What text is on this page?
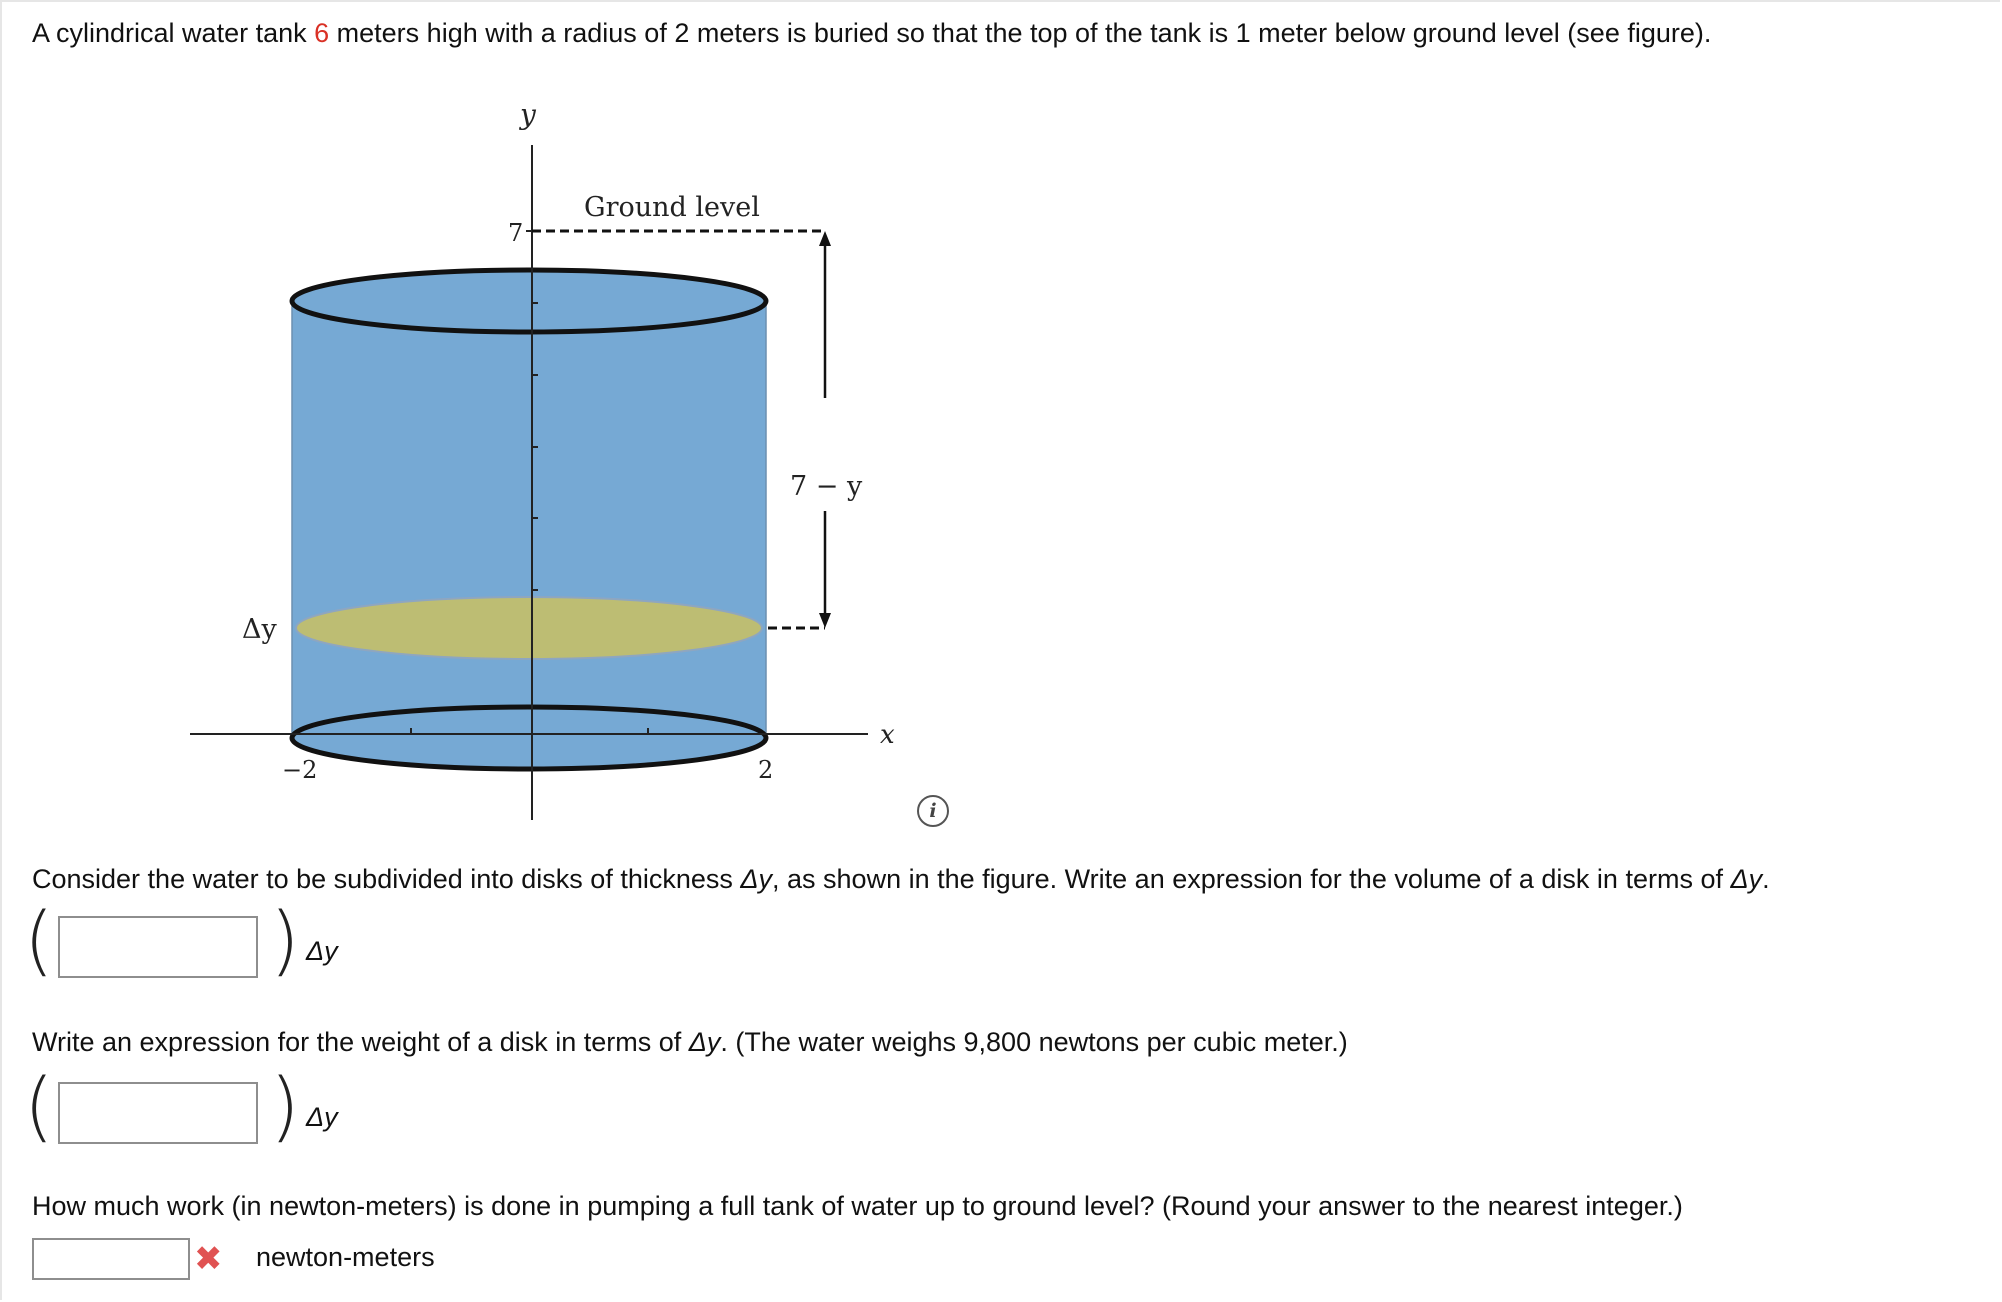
A cylindrical water tank 6 meters high with a radius of 2 meters is buried so that the top of the tank is 1 meter below ground level (see figure).
y
x
Ground level
7
−2	2
7 − y
Δy
i
Consider the water to be subdivided into disks of thickness Δy, as shown in the figure. Write an expression for the volume of a disk in terms of Δy.
(	) Δy
Write an expression for the weight of a disk in terms of Δy. (The water weighs 9,800 newtons per cubic meter.)
(	) Δy
How much work (in newton-meters) is done in pumping a full tank of water up to ground level? (Round your answer to the nearest integer.)
✖ newton-meters
